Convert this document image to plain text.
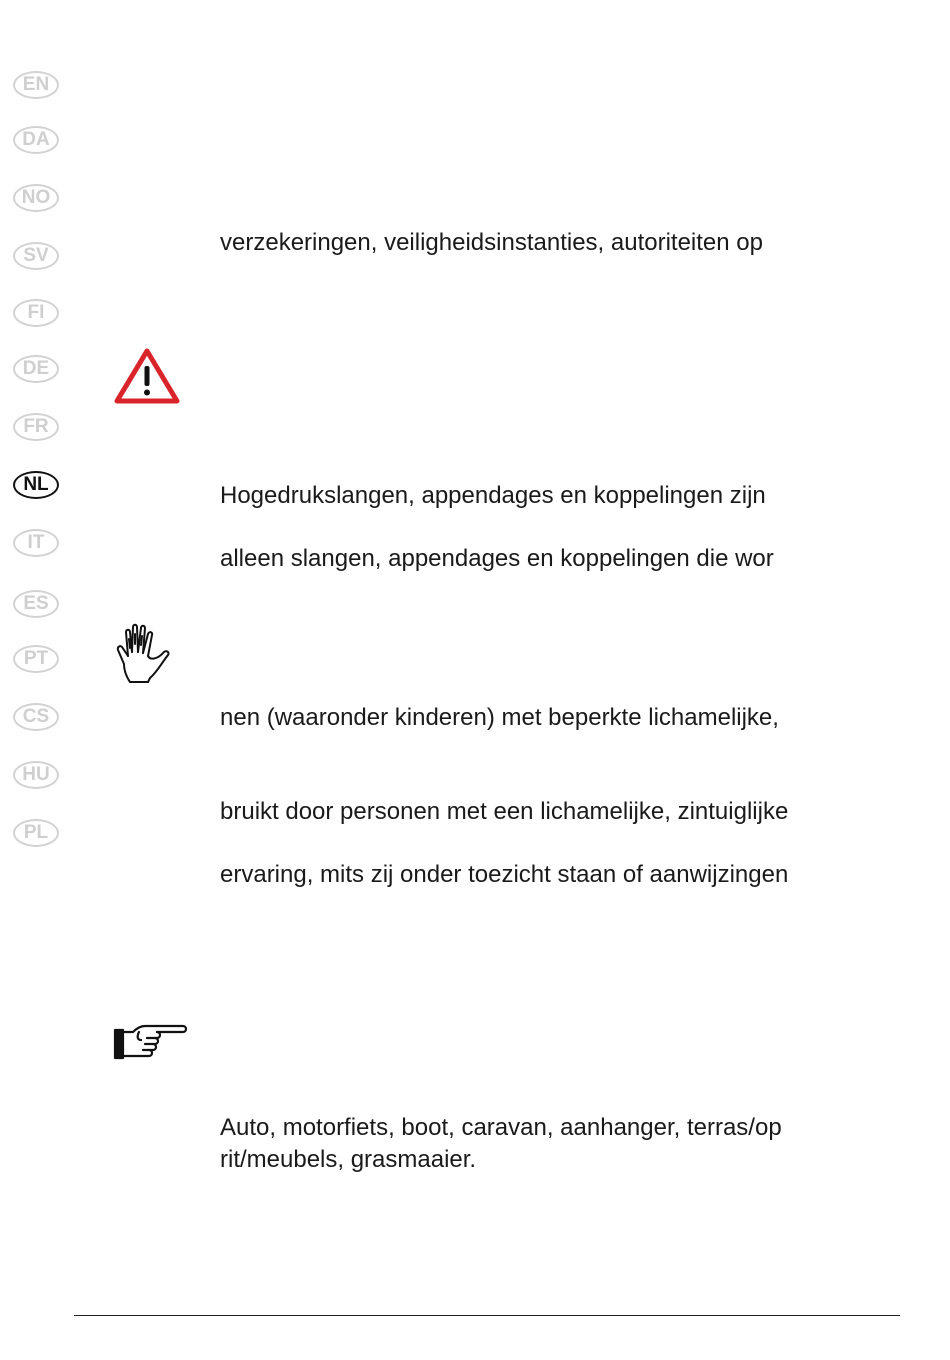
EN
DA
NO
SV
FI
DE
FR
NL
IT
ES
PT
CS
HU
PL
verzekeringen, veiligheidsinstanties, autoriteiten op
Hogedrukslangen, appendages en koppelingen zijn
alleen slangen, appendages en koppelingen die wor
nen (waaronder kinderen) met beperkte lichamelijke,
bruikt door personen met een lichamelijke, zintuiglijke
ervaring, mits zij onder toezicht staan of aanwijzingen
Auto, motorfiets, boot, caravan, aanhanger, terras/op
rit/meubels, grasmaaier.
